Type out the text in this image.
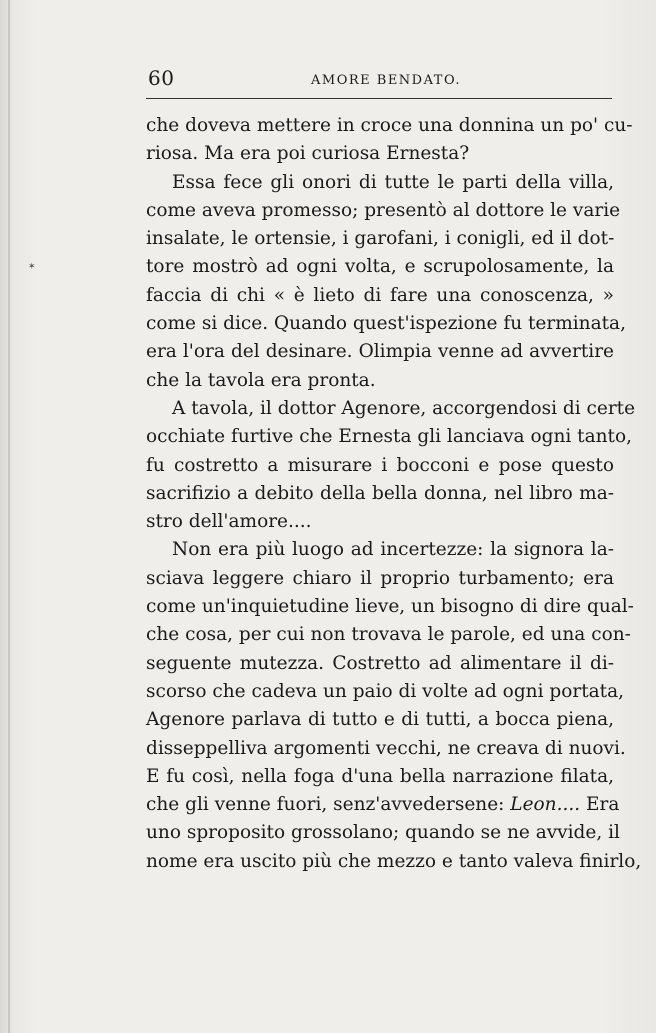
60	AMORE BENDATO.
che doveva mettere in croce una donnina un po' cu-
riosa. Ma era poi curiosa Ernesta?
Essa fece gli onori di tutte le parti della villa,
come aveva promesso; presentò al dottore le varie
insalate, le ortensie, i garofani, i conigli, ed il dot-
tore mostrò ad ogni volta, e scrupolosamente, la
faccia di chi « è lieto di fare una conoscenza, »
come si dice. Quando quest'ispezione fu terminata,
era l'ora del desinare. Olimpia venne ad avvertire
che la tavola era pronta.
A tavola, il dottor Agenore, accorgendosi di certe
occhiate furtive che Ernesta gli lanciava ogni tanto,
fu costretto a misurare i bocconi e pose questo
sacrifizio a debito della bella donna, nel libro ma-
stro dell'amore....
Non era più luogo ad incertezze: la signora la-
sciava leggere chiaro il proprio turbamento; era
come un'inquietudine lieve, un bisogno di dire qual-
che cosa, per cui non trovava le parole, ed una con-
seguente mutezza. Costretto ad alimentare il di-
scorso che cadeva un paio di volte ad ogni portata,
Agenore parlava di tutto e di tutti, a bocca piena,
disseppelliva argomenti vecchi, ne creava di nuovi.
E fu così, nella foga d'una bella narrazione filata,
che gli venne fuori, senz'avvedersene: Leon.... Era
uno sproposito grossolano; quando se ne avvide, il
nome era uscito più che mezzo e tanto valeva finirlo,
✶
